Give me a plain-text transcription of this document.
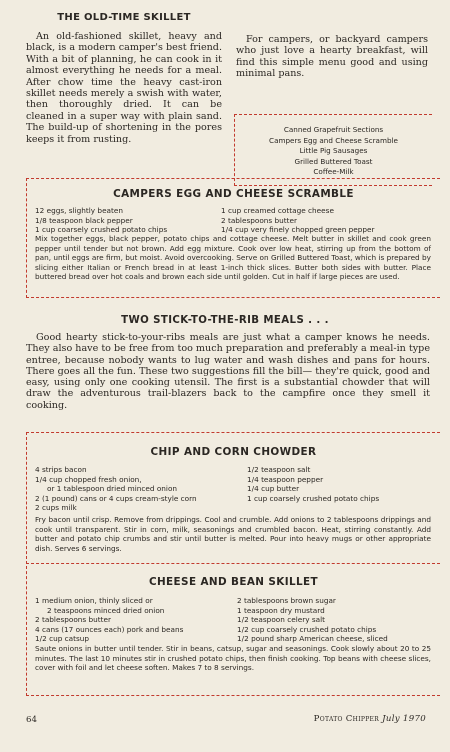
THE OLD-TIME SKILLET

An old-fashioned skillet, heavy and black, is a modern camper's best friend. With a bit of planning, he can cook in it almost everything he needs for a meal. After chow time the heavy cast-iron skillet needs merely a swish with water, then thoroughly dried. It can be cleaned in a super way with plain sand. The build-up of shortening in the pores keeps it from rusting.

For campers, or backyard campers who just love a hearty breakfast, will find this simple menu good and using minimal pans.

Canned Grapefruit Sections
Campers Egg and Cheese Scramble
Little Pig Sausages
Grilled Buttered Toast
Coffee-Milk
CAMPERS EGG AND CHEESE SCRAMBLE
12 eggs, slightly beaten
1/8 teaspoon black pepper
1 cup coarsely crushed potato chips
1 cup creamed cottage cheese
2 tablespoons butter
1/4 cup very finely chopped green pepper

Mix together eggs, black pepper, potato chips and cottage cheese. Melt butter in skillet and cook green pepper until tender but not brown. Add egg mixture. Cook over low heat, stirring up from the bottom of pan, until eggs are firm, but moist. Avoid overcooking. Serve on Grilled Buttered Toast, which is prepared by slicing either Italian or French bread in at least 1-inch thick slices. Butter both sides with butter. Place buttered bread over hot coals and brown each side until golden. Cut in half if large pieces are used.

TWO STICK-TO-THE-RIB MEALS . . .

Good hearty stick-to-your-ribs meals are just what a camper knows he needs. They also have to be free from too much preparation and preferably a meal-in type entree, because nobody wants to lug water and wash dishes and pans for hours. There goes all the fun. These two suggestions fill the bill— they're quick, good and easy, using only one cooking utensil. The first is a substantial chowder that will draw the adventurous trail-blazers back to the campfire once they smell it cooking.

CHIP AND CORN CHOWDER
4 strips bacon
1/4 cup chopped fresh onion,
or 1 tablespoon dried minced onion
2 (1 pound) cans or 4 cups cream-style corn
2 cups milk
1/2 teaspoon salt
1/4 teaspoon pepper
1/4 cup butter
1 cup coarsely crushed potato chips

Fry bacon until crisp. Remove from drippings. Cool and crumble. Add onions to 2 tablespoons drippings and cook until transparent. Stir in corn, milk, seasonings and crumbled bacon. Heat, stirring constantly. Add butter and potato chip crumbs and stir until butter is melted. Pour into heavy mugs or other appropriate dish. Serves 6 servings.

CHEESE AND BEAN SKILLET
1 medium onion, thinly sliced or
2 teaspoons minced dried onion
2 tablespoons butter
4 cans (17 ounces each) pork and beans
1/2 cup catsup
2 tablespoons brown sugar
1 teaspoon dry mustard
1/2 teaspoon celery salt
1/2 cup coarsely crushed potato chips
1/2 pound sharp American cheese, sliced

Saute onions in butter until tender. Stir in beans, catsup, sugar and seasonings. Cook slowly about 20 to 25 minutes. The last 10 minutes stir in crushed potato chips, then finish cooking. Top beans with cheese slices, cover with foil and let cheese soften. Makes 7 to 8 servings.

64	Potato Chipper July 1970
